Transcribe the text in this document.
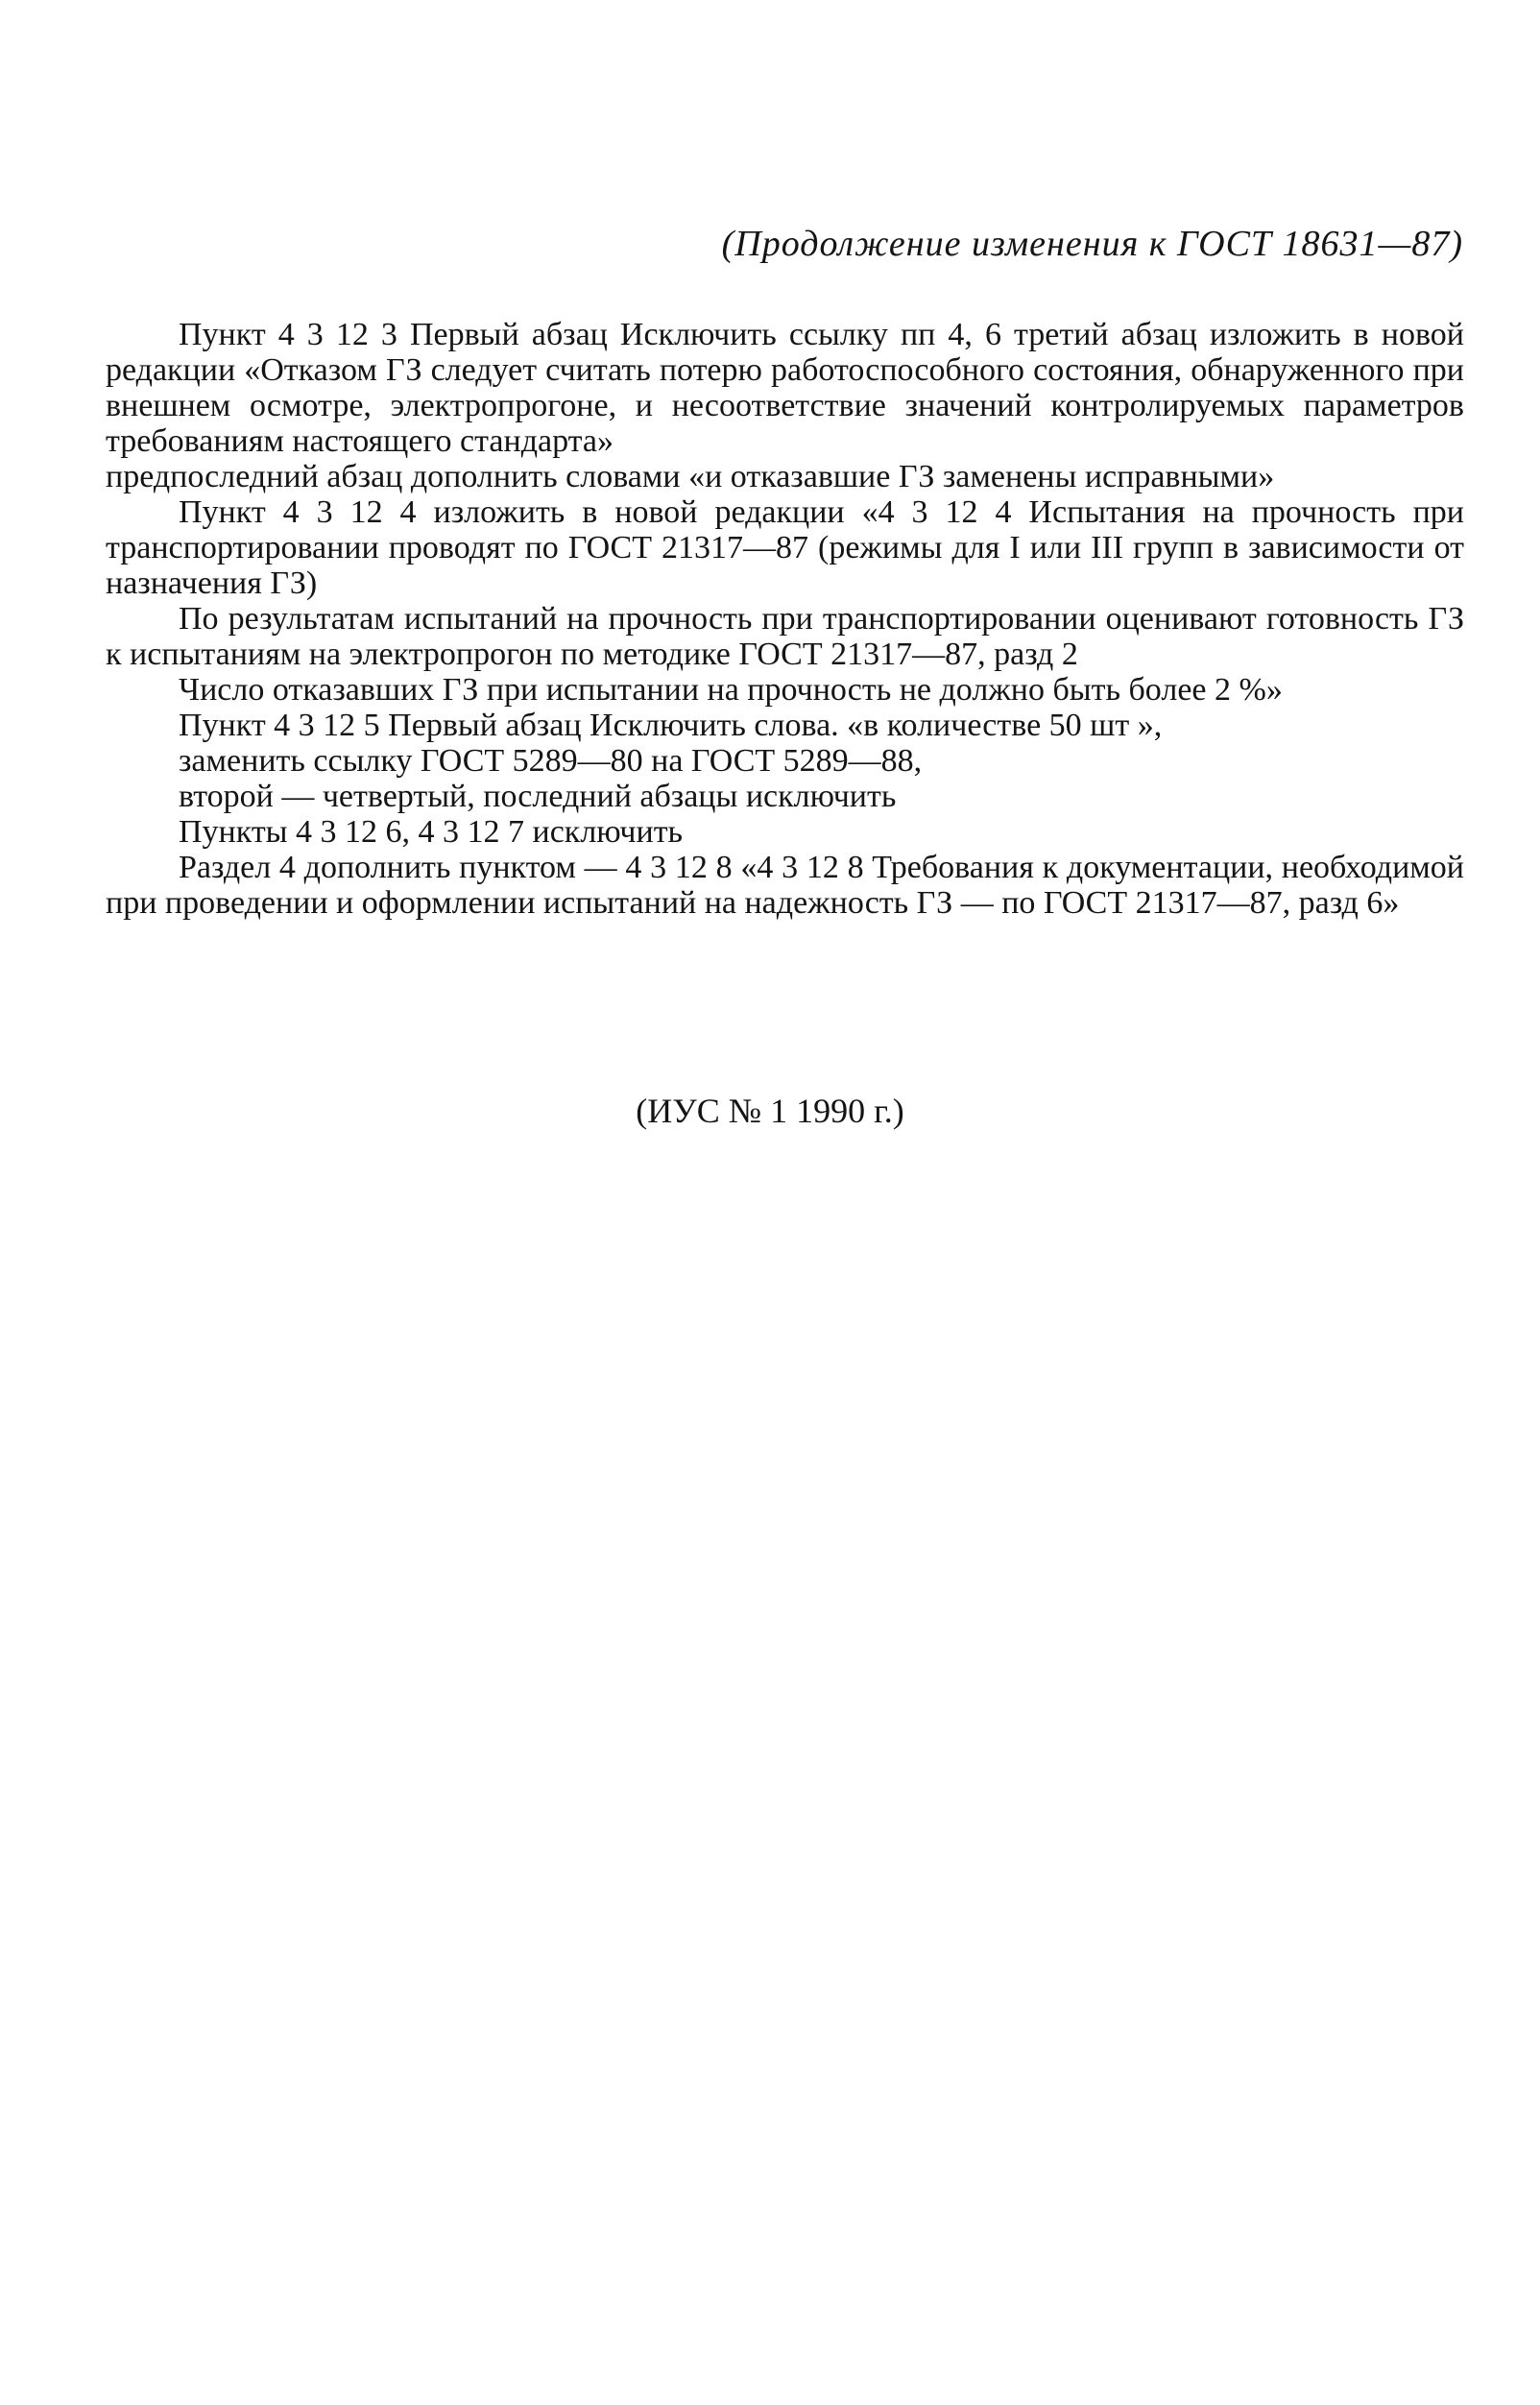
(Продолжение изменения к ГОСТ 18631—87)

Пункт 4 3 12 3 Первый абзац Исключить ссылку пп 4, 6 третий абзац изложить в новой редакции «Отказом ГЗ следует считать потерю работоспособного состояния, обнаруженного при внешнем осмотре, электропрогоне, и несоответствие значений контролируемых параметров требованиям настоящего стандарта»

предпоследний абзац дополнить словами «и отказавшие ГЗ заменены исправными»

Пункт 4 3 12 4 изложить в новой редакции «4 3 12 4 Испытания на прочность при транспортировании проводят по ГОСТ 21317—87 (режимы для I или III групп в зависимости от назначения ГЗ)

По результатам испытаний на прочность при транспортировании оценивают готовность ГЗ к испытаниям на электропрогон по методике ГОСТ 21317—87, разд 2

Число отказавших ГЗ при испытании на прочность не должно быть более 2 %»

Пункт 4 3 12 5 Первый абзац Исключить слова. «в количестве 50 шт »,

заменить ссылку ГОСТ 5289—80 на ГОСТ 5289—88,

второй — четвертый, последний абзацы исключить

Пункты 4 3 12 6, 4 3 12 7 исключить

Раздел 4 дополнить пунктом — 4 3 12 8 «4 3 12 8 Требования к документации, необходимой при проведении и оформлении испытаний на надежность ГЗ — по ГОСТ 21317—87, разд 6»

(ИУС № 1 1990 г.)
